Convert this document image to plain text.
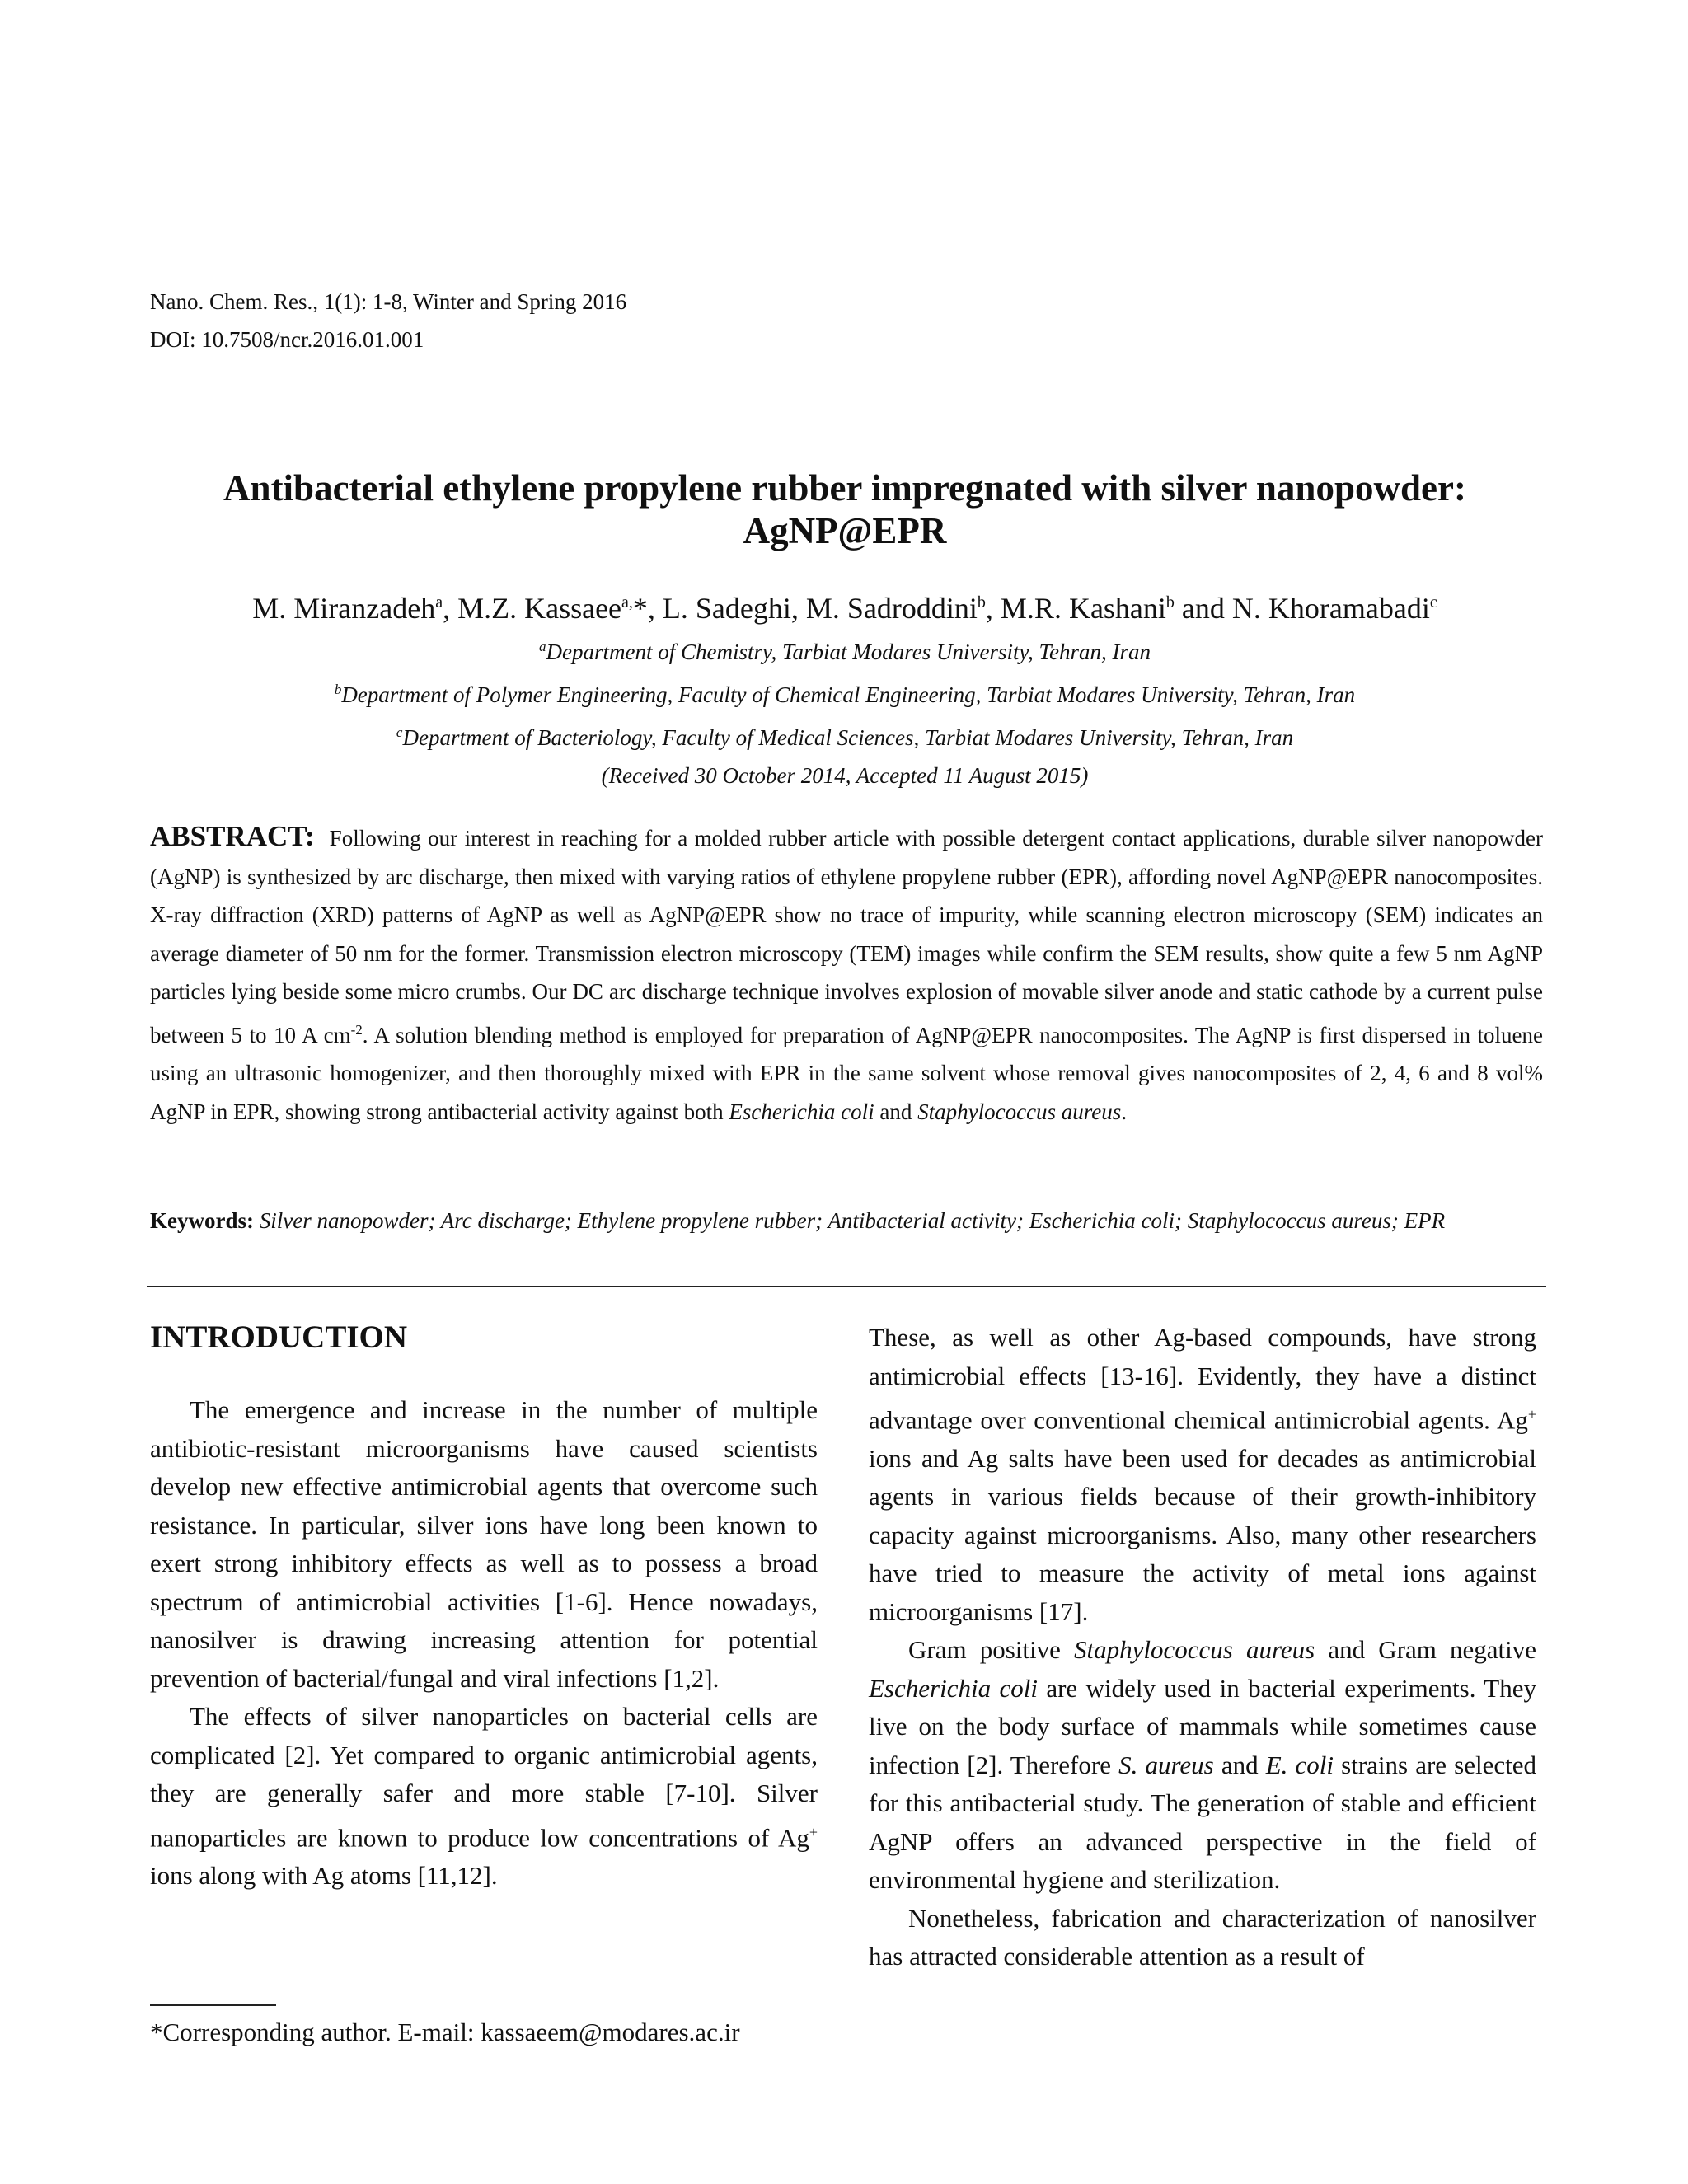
Nano. Chem. Res., 1(1): 1-8, Winter and Spring 2016
DOI: 10.7508/ncr.2016.01.001
Antibacterial ethylene propylene rubber impregnated with silver nanopowder:
AgNP@EPR
M. Miranzadeh$^a$, M.Z. Kassaee$^{a,}$*, L. Sadeghi, M. Sadroddini$^b$, M.R. Kashani$^b$ and N. Khoramabadi$^c$
$^a$Department of Chemistry, Tarbiat Modares University, Tehran, Iran
$^b$Department of Polymer Engineering, Faculty of Chemical Engineering, Tarbiat Modares University, Tehran, Iran
$^c$Department of Bacteriology, Faculty of Medical Sciences, Tarbiat Modares University, Tehran, Iran
(Received 30 October 2014, Accepted 11 August 2015)
ABSTRACT: Following our interest in reaching for a molded rubber article with possible detergent contact applications, durable silver nanopowder (AgNP) is synthesized by arc discharge, then mixed with varying ratios of ethylene propylene rubber (EPR), affording novel AgNP@EPR nanocomposites. X-ray diffraction (XRD) patterns of AgNP as well as AgNP@EPR show no trace of impurity, while scanning electron microscopy (SEM) indicates an average diameter of 50 nm for the former. Transmission electron microscopy (TEM) images while confirm the SEM results, show quite a few 5 nm AgNP particles lying beside some micro crumbs. Our DC arc discharge technique involves explosion of movable silver anode and static cathode by a current pulse between 5 to 10 A $cm^{-2}$. A solution blending method is employed for preparation of AgNP@EPR nanocomposites. The AgNP is first dispersed in toluene using an ultrasonic homogenizer, and then thoroughly mixed with EPR in the same solvent whose removal gives nanocomposites of 2, 4, 6 and 8 vol% AgNP in EPR, showing strong antibacterial activity against both Escherichia coli and Staphylococcus aureus.
Keywords: Silver nanopowder; Arc discharge; Ethylene propylene rubber; Antibacterial activity; Escherichia coli; Staphylococcus aureus; EPR
INTRODUCTION

The emergence and increase in the number of multiple antibiotic-resistant microorganisms have caused scientists develop new effective antimicrobial agents that overcome such resistance. In particular, silver ions have long been known to exert strong inhibitory effects as well as to possess a broad spectrum of antimicrobial activities [1-6]. Hence nowadays, nanosilver is drawing increasing attention for potential prevention of bacterial/fungal and viral infections [1,2].

The effects of silver nanoparticles on bacterial cells are complicated [2]. Yet compared to organic antimicrobial agents, they are generally safer and more stable [7-10]. Silver nanoparticles are known to produce low concentrations of Ag+ ions along with Ag atoms [11,12].

These, as well as other Ag-based compounds, have strong antimicrobial effects [13-16]. Evidently, they have a distinct advantage over conventional chemical antimicrobial agents. Ag+ ions and Ag salts have been used for decades as antimicrobial agents in various fields because of their growth-inhibitory capacity against microorganisms. Also, many other researchers have tried to measure the activity of metal ions against microorganisms [17].

Gram positive Staphylococcus aureus and Gram negative Escherichia coli are widely used in bacterial experiments. They live on the body surface of mammals while sometimes cause infection [2]. Therefore S. aureus and E. coli strains are selected for this antibacterial study. The generation of stable and efficient AgNP offers an advanced perspective in the field of environmental hygiene and sterilization.

Nonetheless, fabrication and characterization of nanosilver has attracted considerable attention as a result of

*Corresponding author. E-mail: kassaeem@modares.ac.ir
